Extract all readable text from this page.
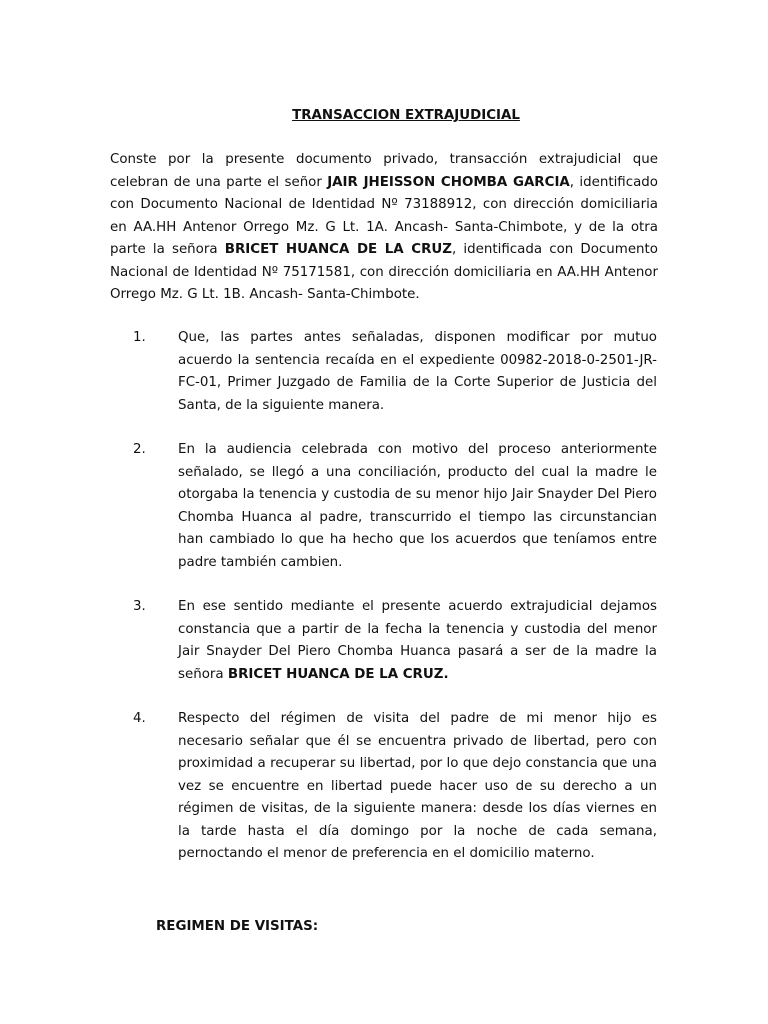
TRANSACCION EXTRAJUDICIAL

Conste por la presente documento privado, transacción extrajudicial que celebran de una parte el señor JAIR JHEISSON CHOMBA GARCIA, identificado con Documento Nacional de Identidad Nº 73188912, con dirección domiciliaria en AA.HH Antenor Orrego Mz. G Lt. 1A. Ancash- Santa-Chimbote, y de la otra parte la señora BRICET HUANCA DE LA CRUZ, identificada con Documento Nacional de Identidad Nº 75171581, con dirección domiciliaria en AA.HH Antenor Orrego Mz. G Lt. 1B. Ancash- Santa-Chimbote.

1. Que, las partes antes señaladas, disponen modificar por mutuo acuerdo la sentencia recaída en el expediente 00982-2018-0-2501-JR-FC-01, Primer Juzgado de Familia de la Corte Superior de Justicia del Santa, de la siguiente manera.

2. En la audiencia celebrada con motivo del proceso anteriormente señalado, se llegó a una conciliación, producto del cual la madre le otorgaba la tenencia y custodia de su menor hijo Jair Snayder Del Piero Chomba Huanca al padre, transcurrido el tiempo las circunstancian han cambiado lo que ha hecho que los acuerdos que teníamos entre padre también cambien.

3. En ese sentido mediante el presente acuerdo extrajudicial dejamos constancia que a partir de la fecha la tenencia y custodia del menor Jair Snayder Del Piero Chomba Huanca pasará a ser de la madre la señora BRICET HUANCA DE LA CRUZ.

4. Respecto del régimen de visita del padre de mi menor hijo es necesario señalar que él se encuentra privado de libertad, pero con proximidad a recuperar su libertad, por lo que dejo constancia que una vez se encuentre en libertad puede hacer uso de su derecho a un régimen de visitas, de la siguiente manera: desde los días viernes en la tarde hasta el día domingo por la noche de cada semana, pernoctando el menor de preferencia en el domicilio materno.

REGIMEN DE VISITAS:
